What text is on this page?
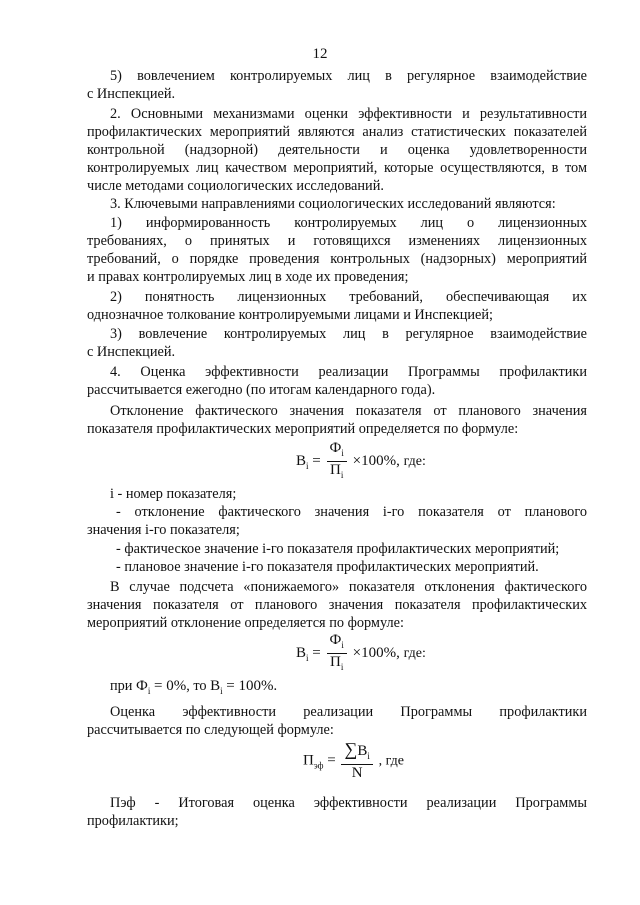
12
5) вовлечением контролируемых лиц в регулярное взаимодействие
с Инспекцией.
2. Основными механизмами оценки эффективности и результативности
профилактических мероприятий являются анализ статистических показателей
контрольной (надзорной) деятельности и оценка удовлетворенности
контролируемых лиц качеством мероприятий, которые осуществляются, в том
числе методами социологических исследований.
3. Ключевыми направлениями социологических исследований являются:
1) информированность контролируемых лиц о лицензионных
требованиях, о принятых и готовящихся изменениях лицензионных
требований, о порядке проведения контрольных (надзорных) мероприятий
и правах контролируемых лиц в ходе их проведения;
2) понятность лицензионных требований, обеспечивающая их
однозначное толкование контролируемыми лицами и Инспекцией;
3) вовлечение контролируемых лиц в регулярное взаимодействие
с Инспекцией.
4. Оценка эффективности реализации Программы профилактики
рассчитывается ежегодно (по итогам календарного года).
Отклонение фактического значения показателя от планового значения
показателя профилактических мероприятий определяется по формуле:
$B_i = \frac{Ф_i}{П_i} \times 100\%$, где:
i - номер показателя;
- отклонение фактического значения i-го показателя от планового
значения i-го показателя;
- фактическое значение i-го показателя профилактических мероприятий;
- плановое значение i-го показателя профилактических мероприятий.
В случае подсчета «понижаемого» показателя отклонения фактического
значения показателя от планового значения показателя профилактических
мероприятий отклонение определяется по формуле:
$B_i = \frac{Ф_i}{П_i} \times 100\%$, где:
при $Ф_i = 0\%$, то $B_i = 100\%$.
Оценка эффективности реализации Программы профилактики
рассчитывается по следующей формуле:
$П_{эф} = \frac{\sum B_i}{N}$ , где
Пэф - Итоговая оценка эффективности реализации Программы
профилактики;
